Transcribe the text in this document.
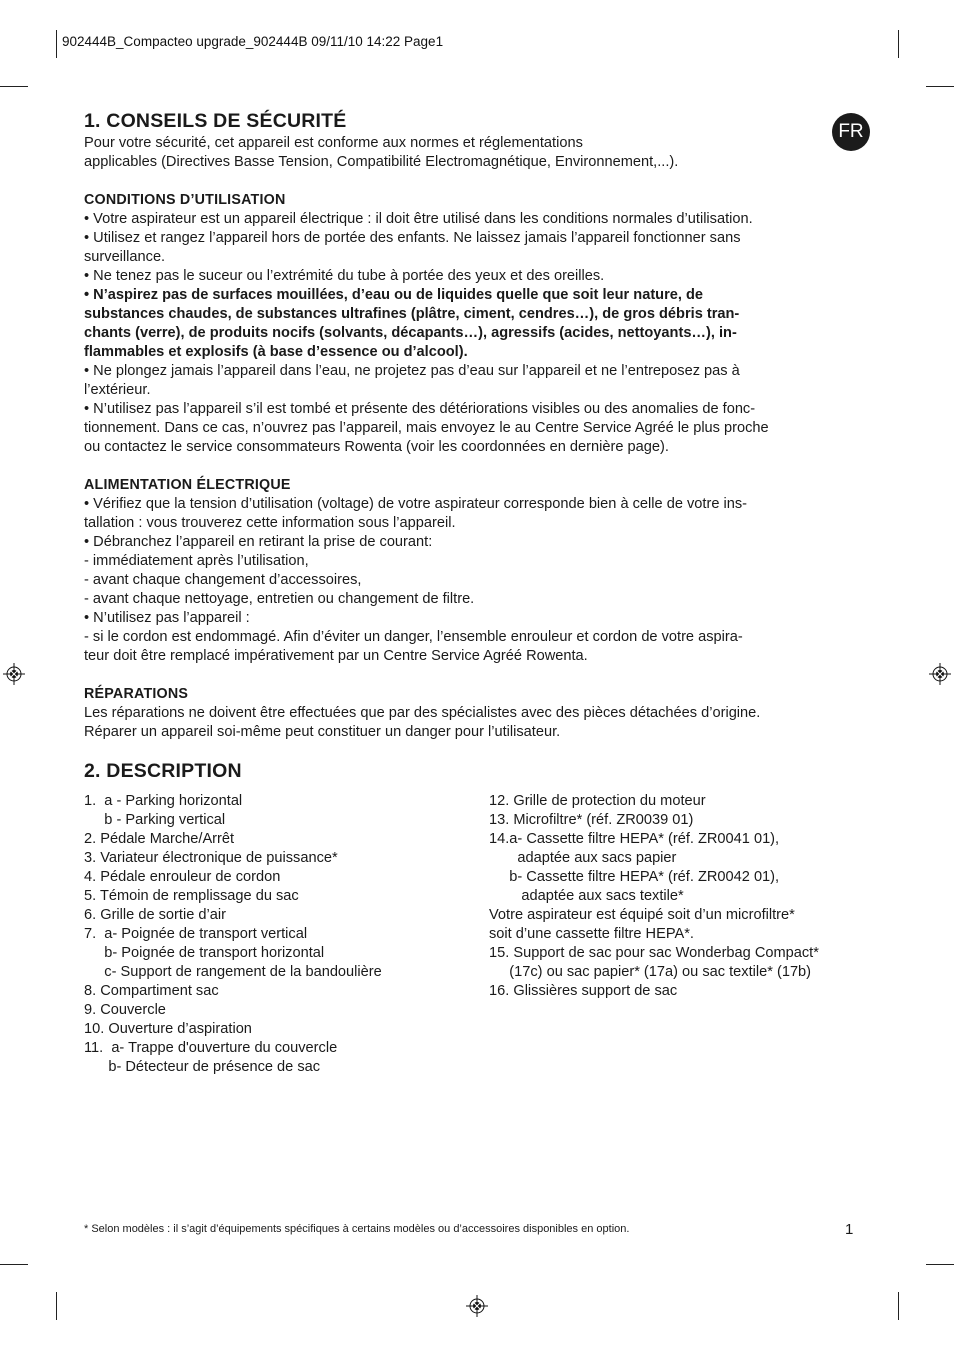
902444B_Compacteo upgrade_902444B 09/11/10 14:22 Page1
FR
1. CONSEILS DE SÉCURITÉ

Pour votre sécurité, cet appareil est conforme aux normes et réglementations

applicables (Directives Basse Tension, Compatibilité Electromagnétique, Environnement,...).

CONDITIONS D’UTILISATION

• Votre aspirateur est un appareil électrique : il doit être utilisé dans les conditions normales d’utilisation.

• Utilisez et rangez l’appareil hors de portée des enfants. Ne laissez jamais l’appareil fonctionner sans

surveillance.

• Ne tenez pas le suceur ou l’extrémité du tube à portée des yeux et des oreilles.

• N’aspirez pas de surfaces mouillées, d’eau ou de liquides quelle que soit leur nature, de

substances chaudes, de substances ultrafines (plâtre, ciment, cendres…), de gros débris tran-

chants (verre), de produits nocifs (solvants, décapants…), agressifs (acides, nettoyants…), in-

flammables et explosifs (à base d’essence ou d’alcool).

• Ne plongez jamais l’appareil dans l’eau, ne projetez pas d’eau sur l’appareil et ne l’entreposez pas à

l’extérieur.

• N’utilisez pas l’appareil s’il est tombé et présente des détériorations visibles ou des anomalies de fonc-

tionnement. Dans ce cas, n’ouvrez pas l’appareil, mais envoyez le au Centre Service Agréé le plus proche

ou contactez le service consommateurs Rowenta (voir les coordonnées en dernière page).

ALIMENTATION ÉLECTRIQUE

• Vérifiez que la tension d’utilisation (voltage) de votre aspirateur corresponde bien à celle de votre ins-

tallation : vous trouverez cette information sous l’appareil.

• Débranchez l’appareil en retirant la prise de courant:

- immédiatement après l’utilisation,

- avant chaque changement d’accessoires,

- avant chaque nettoyage, entretien ou changement de filtre.

• N’utilisez pas l’appareil :

- si le cordon est endommagé. Afin d’éviter un danger, l’ensemble enrouleur et cordon de votre aspira-

teur doit être remplacé impérativement par un Centre Service Agréé Rowenta.

RÉPARATIONS

Les réparations ne doivent être effectuées que par des spécialistes avec des pièces détachées d’origine.

Réparer un appareil soi-même peut constituer un danger pour l’utilisateur.

2. DESCRIPTION
1.  a - Parking horizontal
b - Parking vertical
2. Pédale Marche/Arrêt
3. Variateur électronique de puissance*
4. Pédale enrouleur de cordon
5. Témoin de remplissage du sac
6. Grille de sortie d’air
7.  a- Poignée de transport vertical
b- Poignée de transport horizontal
c- Support de rangement de la bandoulière
8. Compartiment sac
9. Couvercle
10. Ouverture d’aspiration
11.  a- Trappe d'ouverture du couvercle
b- Détecteur de présence de sac
12. Grille de protection du moteur
13. Microfiltre* (réf. ZR0039 01)
14.a- Cassette filtre HEPA* (réf. ZR0041 01),
adaptée aux sacs papier
b- Cassette filtre HEPA* (réf. ZR0042 01),
adaptée aux sacs textile*
Votre aspirateur est équipé soit d’un microfiltre*
soit d’une cassette filtre HEPA*.
15. Support de sac pour sac Wonderbag Compact*
(17c) ou sac papier* (17a) ou sac textile* (17b)
16. Glissières support de sac
* Selon modèles : il s’agit d’équipements spécifiques à certains modèles ou d’accessoires disponibles en option.	1
